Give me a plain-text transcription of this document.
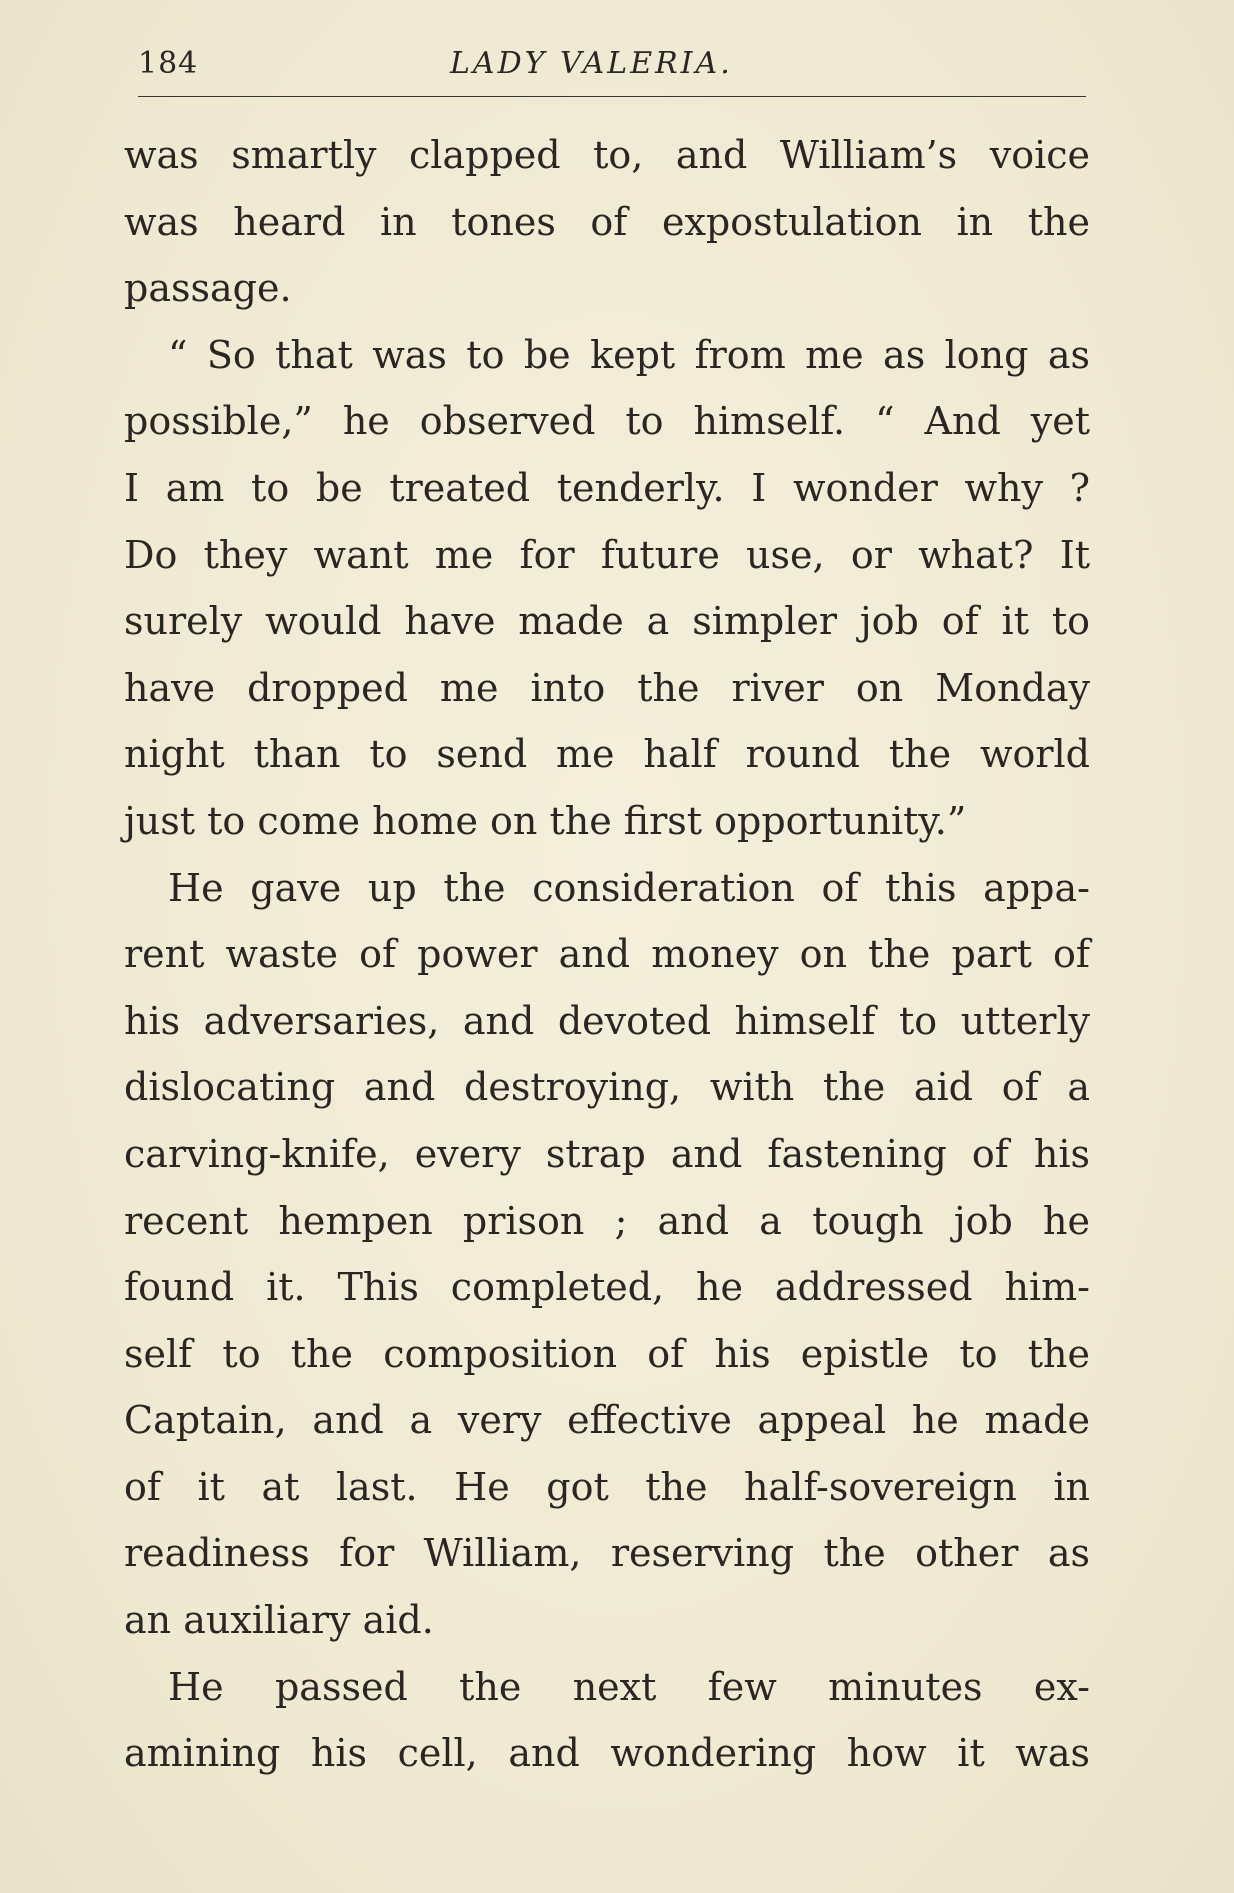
184	LADY VALERIA.
was smartly clapped to, and William’s voice
was heard in tones of expostulation in the
passage.
“ So that was to be kept from me as long as
possible,” he observed to himself. “ And yet
I am to be treated tenderly. I wonder why ?
Do they want me for future use, or what? It
surely would have made a simpler job of it to
have dropped me into the river on Monday
night than to send me half round the world
just to come home on the first opportunity.”
He gave up the consideration of this appa-
rent waste of power and money on the part of
his adversaries, and devoted himself to utterly
dislocating and destroying, with the aid of a
carving-knife, every strap and fastening of his
recent hempen prison ; and a tough job he
found it. This completed, he addressed him-
self to the composition of his epistle to the
Captain, and a very effective appeal he made
of it at last. He got the half-sovereign in
readiness for William, reserving the other as
an auxiliary aid.
He passed the next few minutes ex-
amining his cell, and wondering how it was
